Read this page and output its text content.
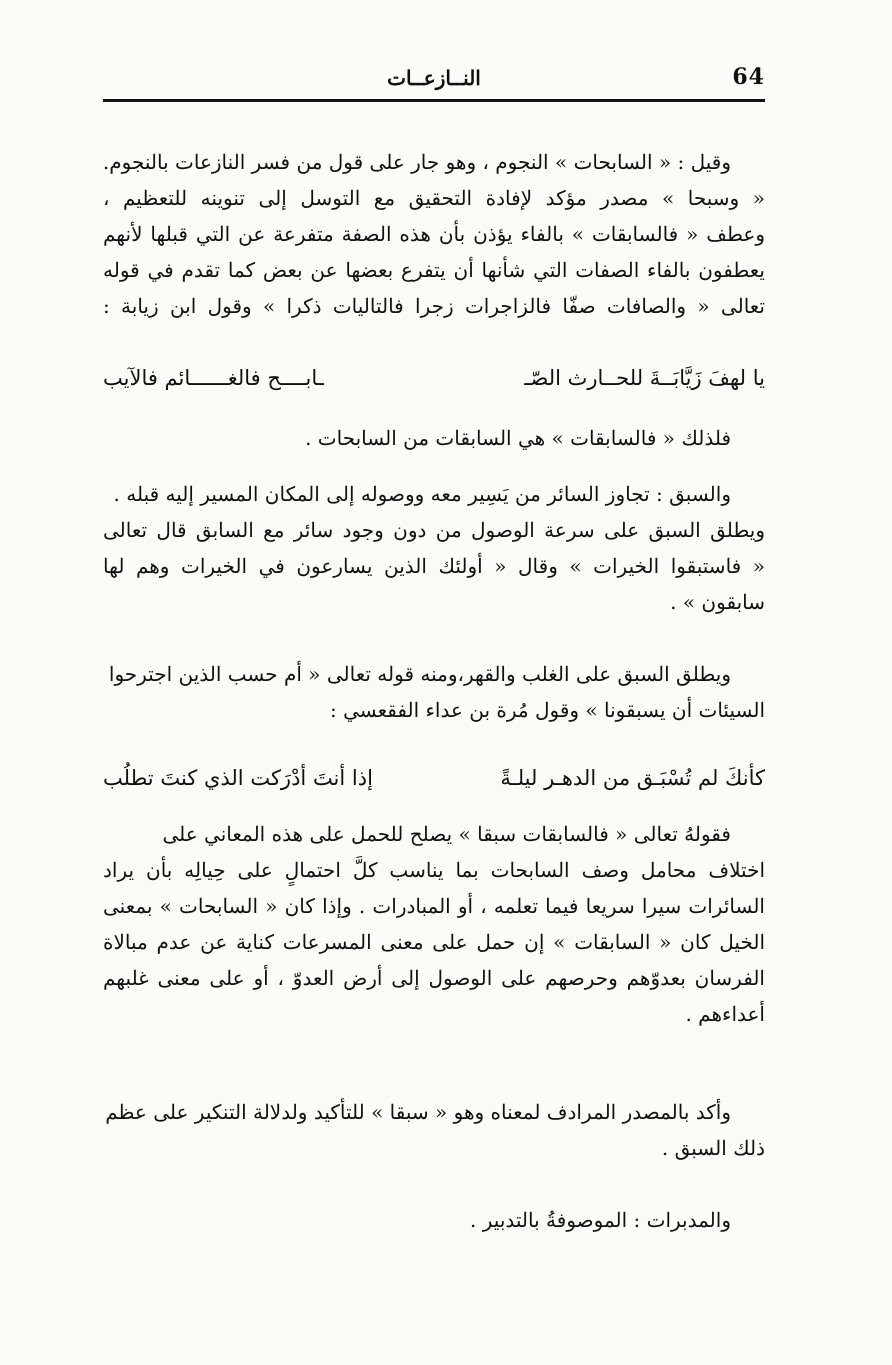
64
النــازعــات
وقيل : « السابحات » النجوم ، وهو جار على قول من فسر النازعات بالنجوم.
« وسبحا » مصدر مؤكد لإفادة التحقيق مع التوسل إلى تنوينه للتعظيم ،
وعطف « فالسابقات » بالفاء يؤذن بأن هذه الصفة متفرعة عن التي قبلها لأنهم
يعطفون بالفاء الصفات التي شأنها أن يتفرع بعضها عن بعض كما تقدم في قوله
تعالى « والصافات صفّا فالزاجرات زجرا فالتاليات ذكرا » وقول ابن زيابة :
يا لهفَ زَيَّابَــةَ للحــارث الصّـ
ـابــــح فالغــــــائم فالآيب
فلذلك « فالسابقات » هي السابقات من السابحات .
والسبق : تجاوز السائر من يَسِير معه ووصوله إلى المكان المسير إليه قبله .
ويطلق السبق على سرعة الوصول من دون وجود سائر مع السابق قال تعالى
« فاستبقوا الخيرات » وقال « أولئك الذين يسارعون في الخيرات وهم لها
سابقون » .
ويطلق السبق على الغلب والقهر،ومنه قوله تعالى « أم حسب الذين اجترحوا
السيئات أن يسبقونا » وقول مُرة بن عداء الفقعسي :
كأنكَ لم تُسْبَـق من الدهـر ليلـةً
إذا أنتَ أدْرَكت الذي كنتَ تطلُب
فقولهُ تعالى « فالسابقات سبقا » يصلح للحمل على هذه المعاني على
اختلاف محامل وصف السابحات بما يناسب كلَّ احتمالٍ على حِيالِه بأن يراد
السائرات سيرا سريعا فيما تعلمه ، أو المبادرات . وإذا كان « السابحات » بمعنى
الخيل كان « السابقات » إن حمل على معنى المسرعات كناية عن عدم مبالاة
الفرسان بعدوّهم وحرصهم على الوصول إلى أرض العدوّ ، أو على معنى غلبهم
أعداءهم .
وأكد بالمصدر المرادف لمعناه وهو « سبقا » للتأكيد ولدلالة التنكير على عظم
ذلك السبق .
والمدبرات : الموصوفةُ بالتدبير .
